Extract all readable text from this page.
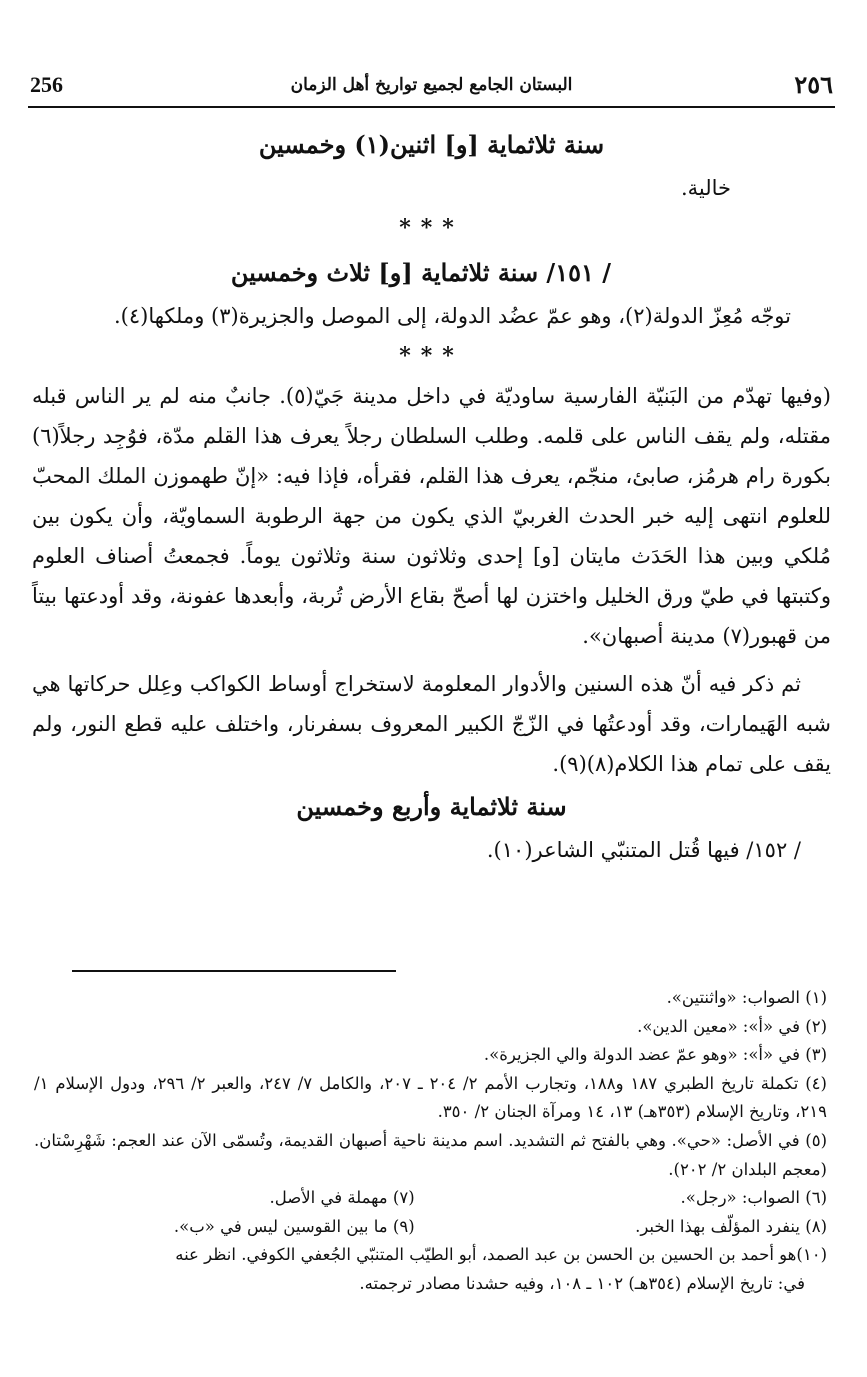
٢٥٦
البستان الجامع لجميع تواريخ أهل الزمان
256
سنة ثلاثماية [و] اثنين(١) وخمسين

خالية.

***
/ ١٥١/ سنة ثلاثماية [و] ثلاث وخمسين

توجّه مُعِزّ الدولة(٢)، وهو عمّ عضُد الدولة، إلى الموصل والجزيرة(٣) وملكها(٤).

***

(وفيها تهدّم من البَنيّة الفارسية ساوديّة في داخل مدينة جَيّ(٥). جانبٌ منه لم ير الناس قبله مقتله، ولم يقف الناس على قلمه. وطلب السلطان رجلاً يعرف هذا القلم مدّة، فوُجِد رجلاً(٦) بكورة رام هرمُز، صابئ، منجّم، يعرف هذا القلم، فقرأه، فإذا فيه: «إنّ طهموزن الملك المحبّ للعلوم انتهى إليه خبر الحدث الغربيّ الذي يكون من جهة الرطوبة السماويّة، وأن يكون بين مُلكي وبين هذا الحَدَث مايتان [و] إحدى وثلاثون سنة وثلاثون يوماً. فجمعتُ أصناف العلوم وكتبتها في طيّ ورق الخليل واختزن لها أصحّ بقاع الأرض تُربة، وأبعدها عفونة، وقد أودعتها بيتاً من قهبور(٧) مدينة أصبهان».

ثم ذكر فيه أنّ هذه السنين والأدوار المعلومة لاستخراج أوساط الكواكب وعِلل حركاتها هي شبه الهَيمارات، وقد أودعتُها في الزّجّ الكبير المعروف بسفرنار، واختلف عليه قطع النور، ولم يقف على تمام هذا الكلام(٨)(٩).

سنة ثلاثماية وأربع وخمسين

/ ١٥٢/ فيها قُتل المتنبّي الشاعر(١٠).

(١) الصواب: «واثنتين».

(٢) في «أ»: «معين الدين».

(٣) في «أ»: «وهو عمّ عضد الدولة والي الجزيرة».

(٤) تكملة تاريخ الطبري ١٨٧ و١٨٨، وتجارب الأمم ٢/ ٢٠٤ ـ ٢٠٧، والكامل ٧/ ٢٤٧، والعبر ٢/ ٢٩٦، ودول الإسلام ١/ ٢١٩، وتاريخ الإسلام (٣٥٣هـ) ١٣، ١٤ ومرآة الجنان ٢/ ٣٥٠.

(٥) في الأصل: «حي». وهي بالفتح ثم التشديد. اسم مدينة ناحية أصبهان القديمة، وتُسمّى الآن عند العجم: شَهْرِسْتان. (معجم البلدان ٢/ ٢٠٢).

(٦) الصواب: «رجل».

(٧) مهملة في الأصل.

(٨) ينفرد المؤلّف بهذا الخبر.

(٩) ما بين القوسين ليس في «ب».

(١٠)هو أحمد بن الحسين بن الحسن بن عبد الصمد، أبو الطيّب المتنبّي الجُعفي الكوفي. انظر عنه

في: تاريخ الإسلام (٣٥٤هـ) ١٠٢ ـ ١٠٨، وفيه حشدنا مصادر ترجمته.
